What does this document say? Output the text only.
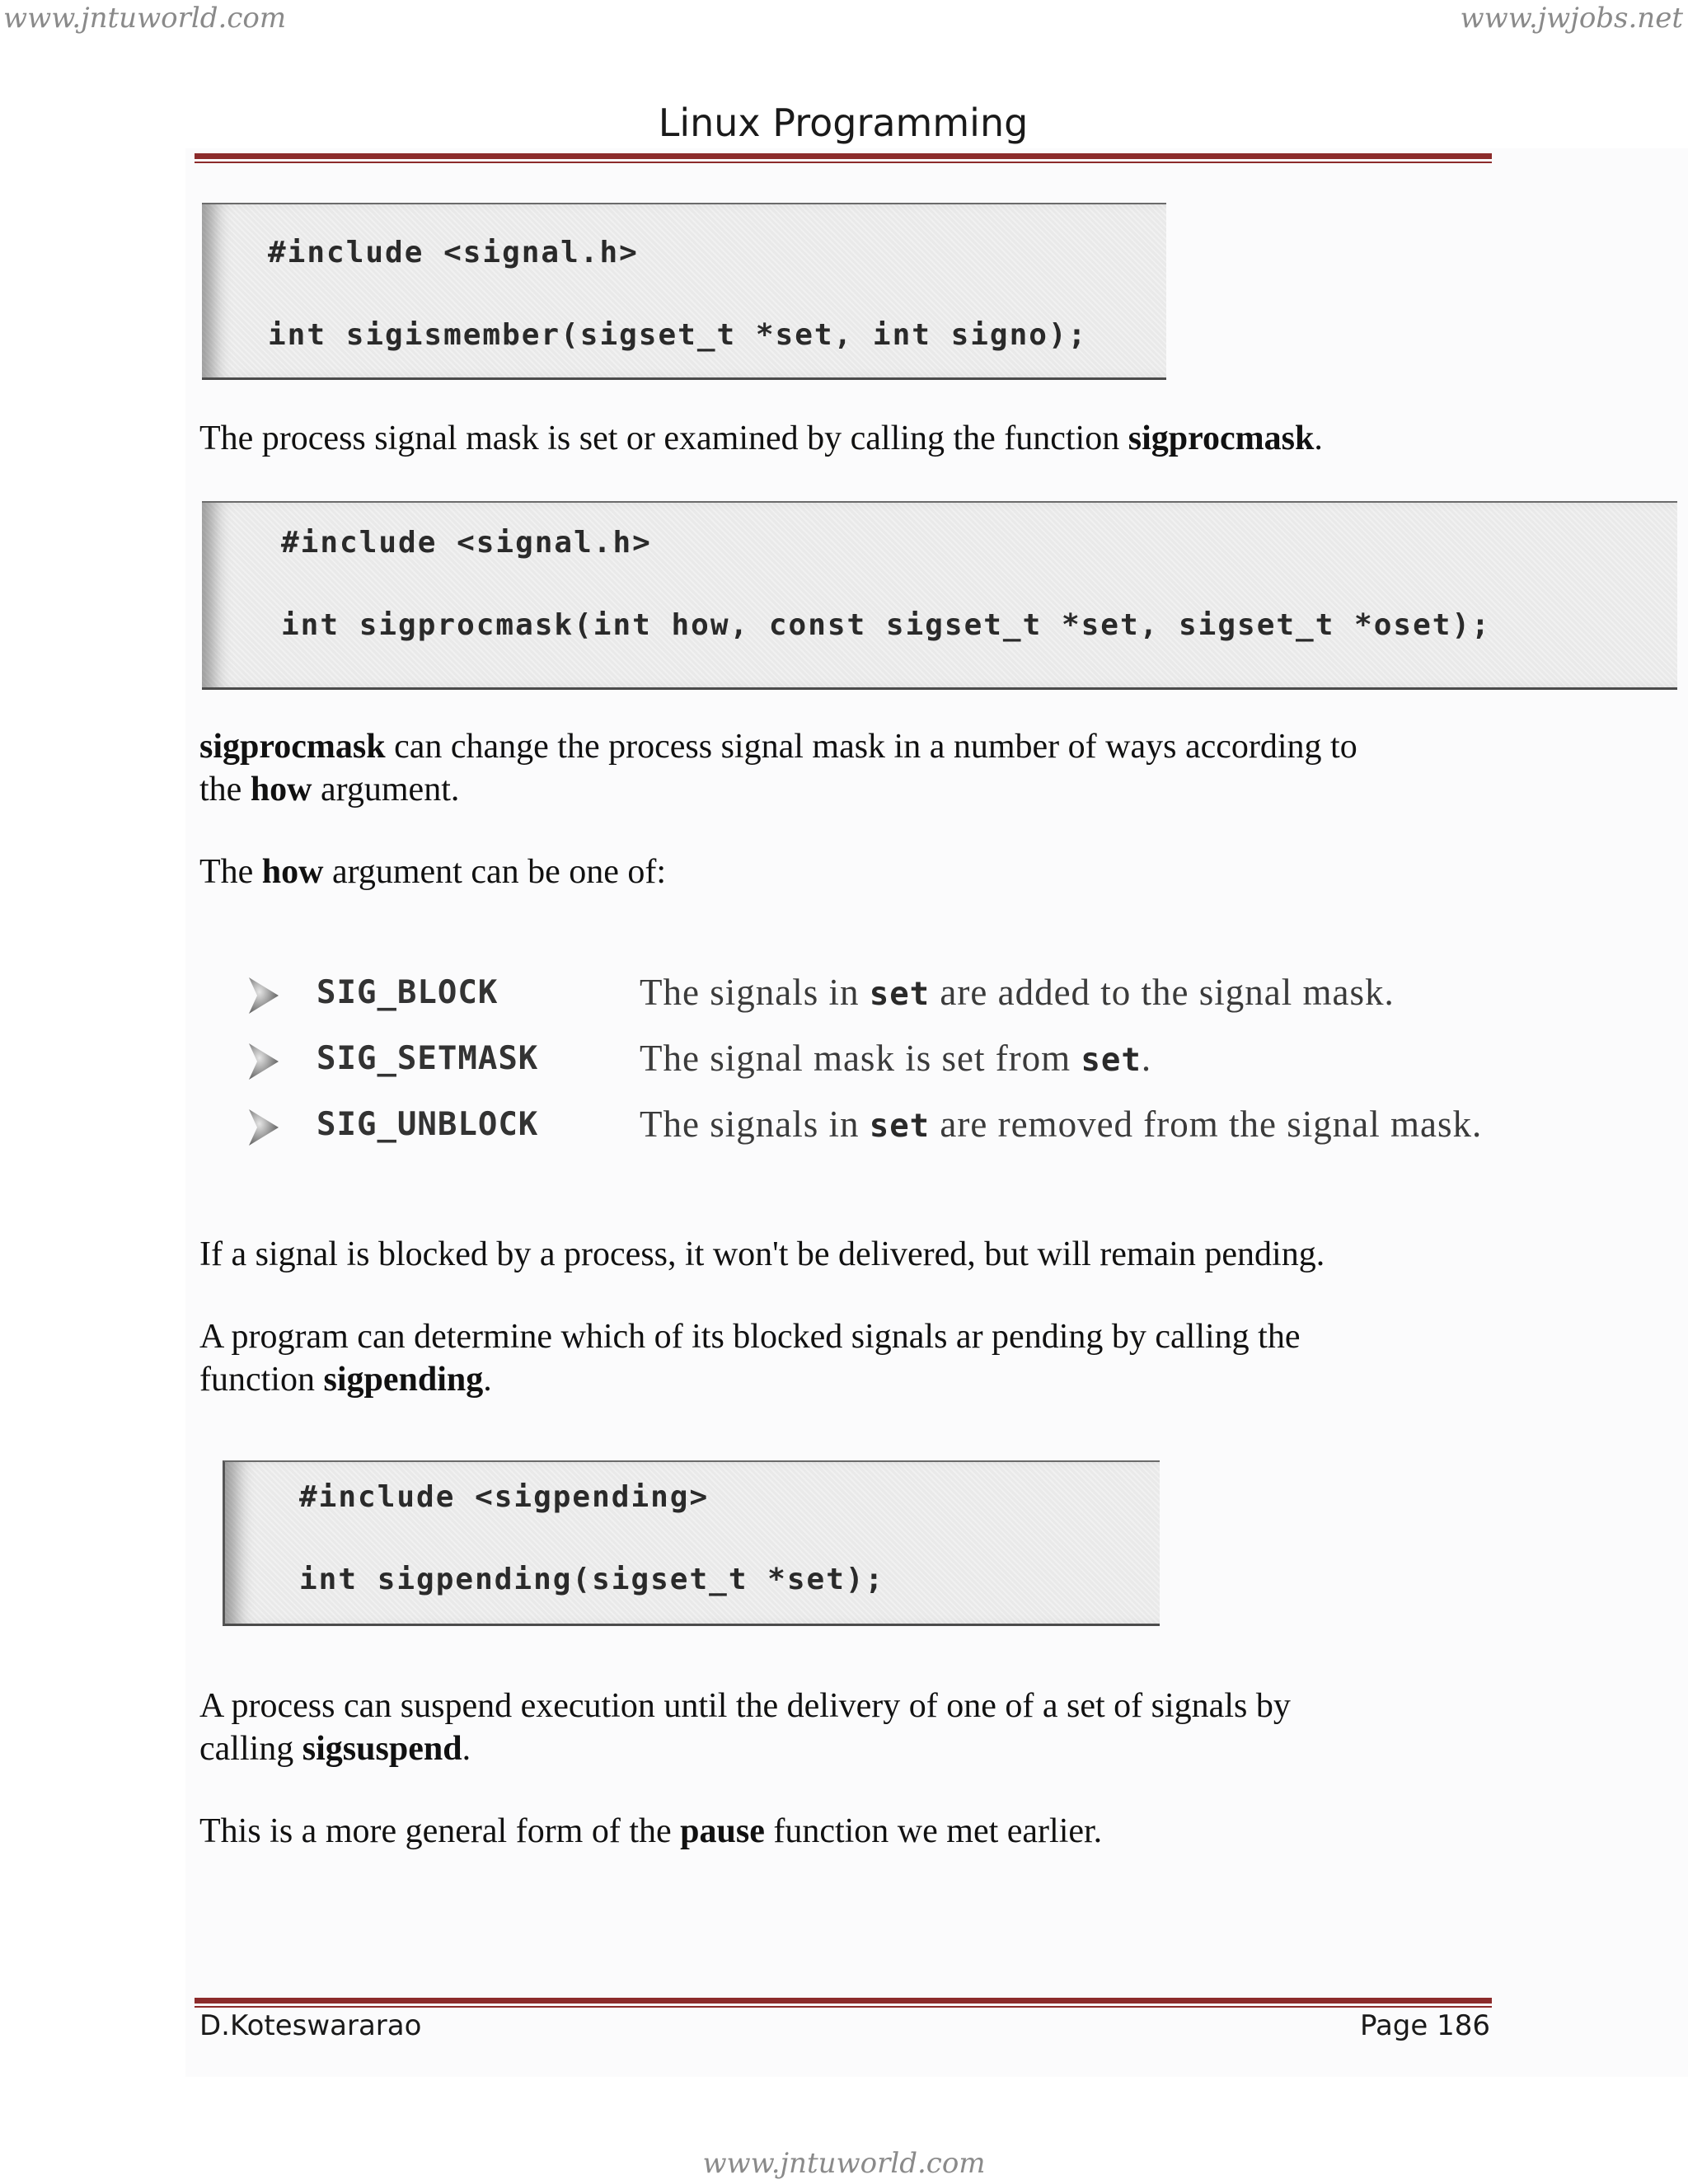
www.jntuworld.com	www.jwjobs.net
Linux Programming
#include <signal.h>
int sigismember(sigset_t *set, int signo);
The process signal mask is set or examined by calling the function sigprocmask.
#include <signal.h>
int sigprocmask(int how, const sigset_t *set, sigset_t *oset);
sigprocmask can change the process signal mask in a number of ways according to
the how argument.
The how argument can be one of:
SIG_BLOCK	The signals in set are added to the signal mask.
SIG_SETMASK	The signal mask is set from set.
SIG_UNBLOCK	The signals in set are removed from the signal mask.
If a signal is blocked by a process, it won't be delivered, but will remain pending.
A program can determine which of its blocked signals ar pending by calling the
function sigpending.
#include <sigpending>
int sigpending(sigset_t *set);
A process can suspend execution until the delivery of one of a set of signals by
calling sigsuspend.
This is a more general form of the pause function we met earlier.
D.Koteswararao	Page 186
www.jntuworld.com
